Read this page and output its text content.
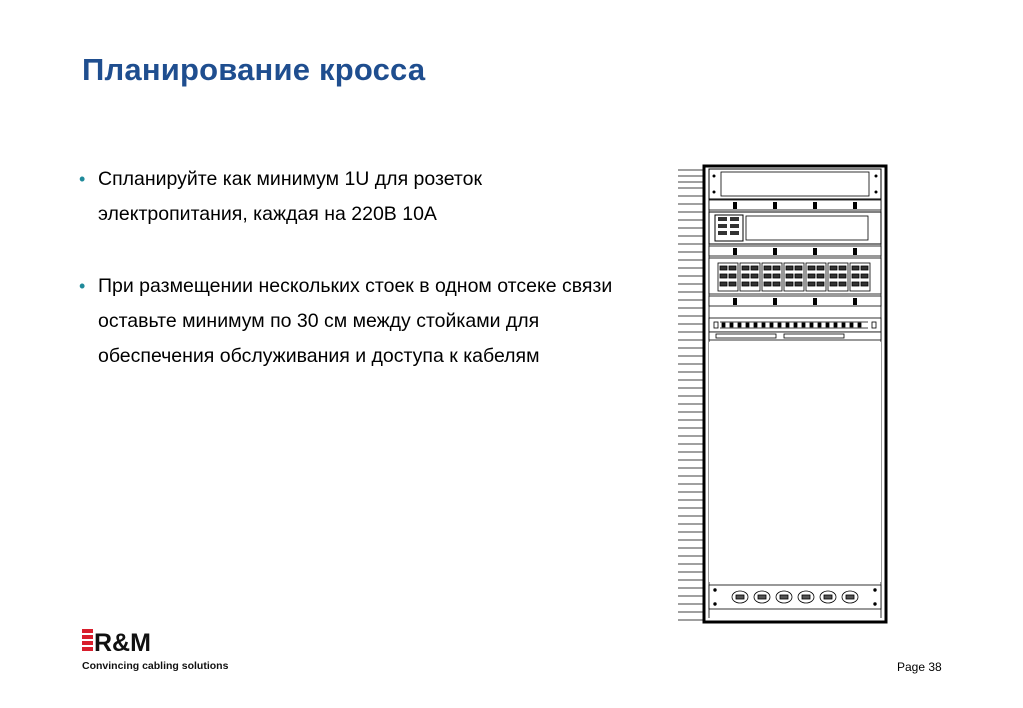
Планирование кросса
• Спланируйте как минимум 1U для розеток электропитания, каждая на 220В 10А
• При размещении нескольких стоек в одном отсеке связи оставьте минимум по 30 см между стойками для обеспечения обслуживания и доступа к кабелям
R&M
Convincing cabling solutions	Page 38
